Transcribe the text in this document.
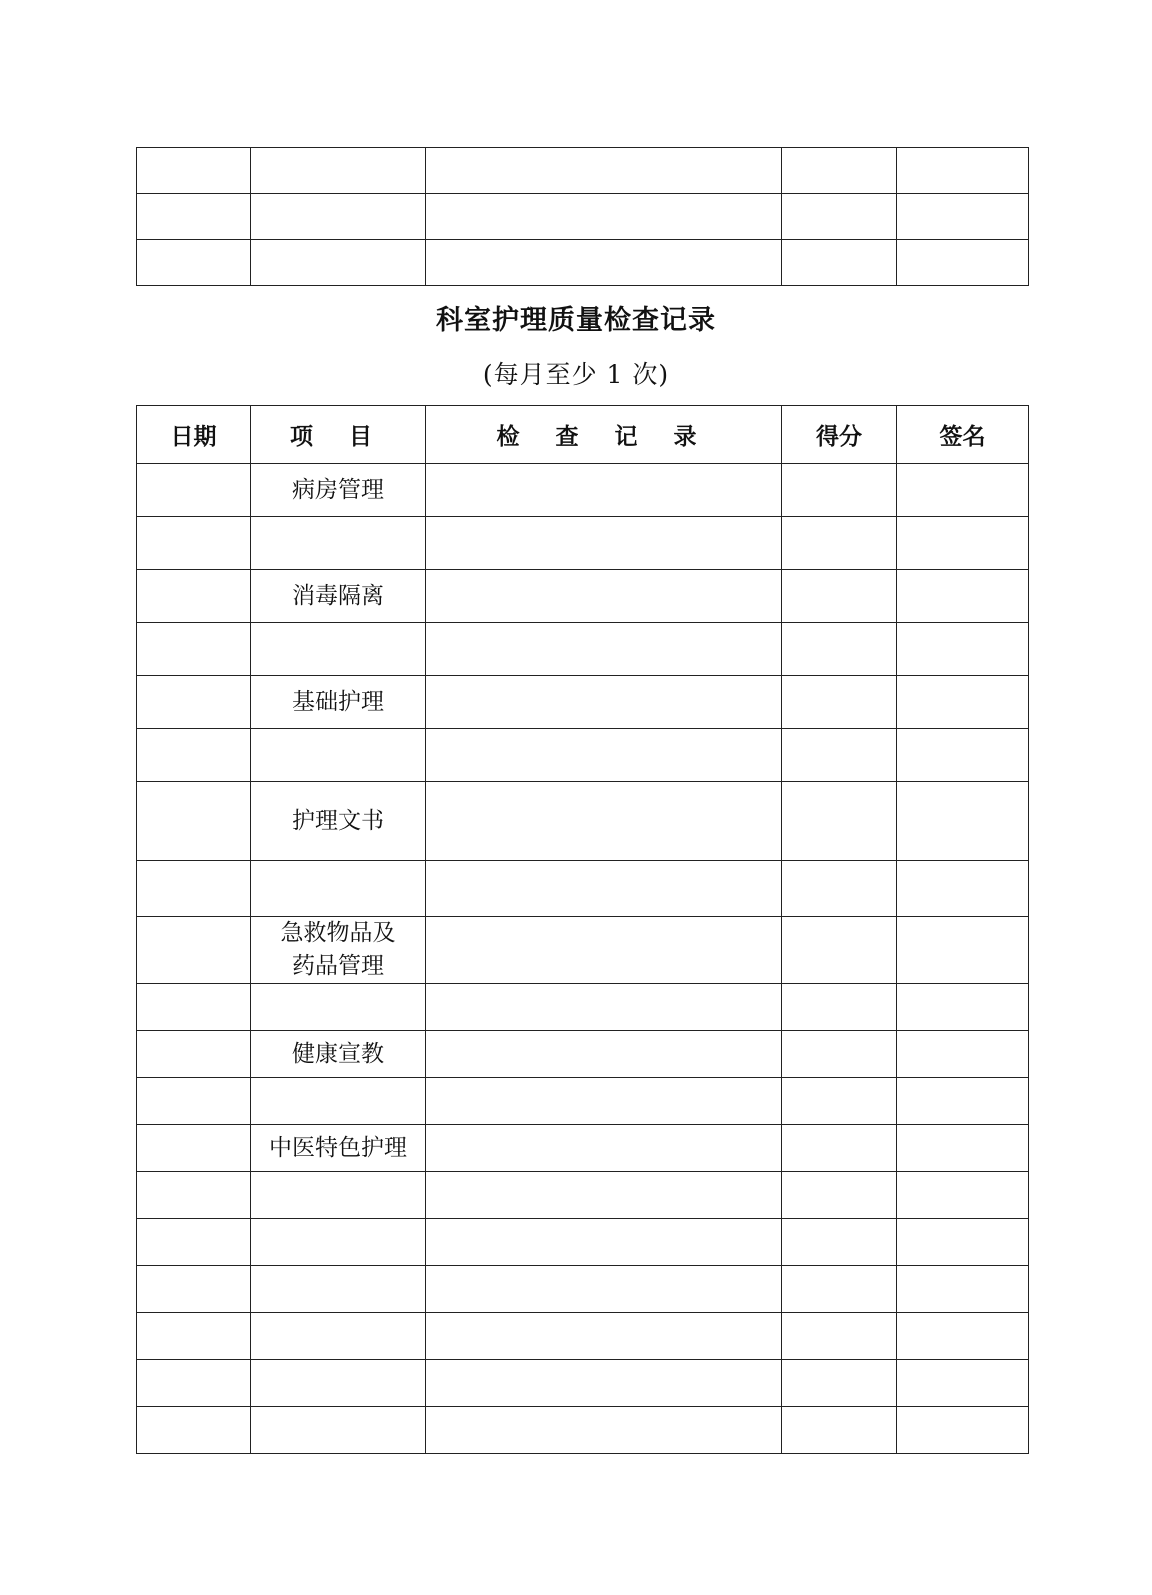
科室护理质量检查记录
(每月至少 1 次)
日期	项 目	检 查 记 录	得分	签名
	病房管理			

	消毒隔离			

	基础护理			

	护理文书			

	急救物品及
药品管理			

	健康宣教			

	中医特色护理			
